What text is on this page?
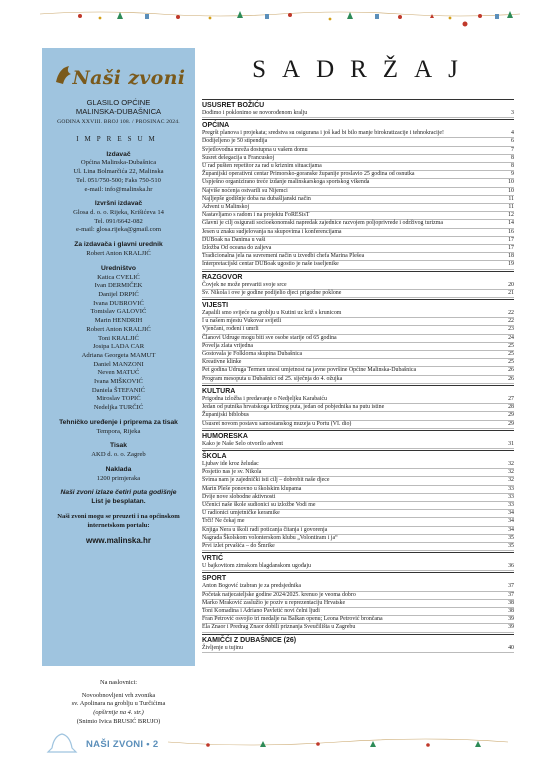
Naši zvoni
GLASILO OPĆINE
MALINSKA-DUBAŠNICA
GODINA XXVIII. BROJ 108. / PROSINAC 2024.
IMPRESUM
Izdavač
Općina Malinska-Dubašnica
Ul. Lina Bolmarčića 22, Malinska
Tel. 051/750-500; Faks 750-510
e-mail: info@malinska.hr
Izvršni izdavač
Glosa d. o. o. Rijeka, Krišićeva 14
Tel. 091/6642-082
e-mail: glosa.rijeka@gmail.com
Za izdavača i glavni urednik
Robert Anton KRALJIĆ
Uredništvo
Katica CVELIĆ
Ivan DERMIČEK
Danijel DRPIĆ
Ivana DUBROVIĆ
Tomislav GALOVIĆ
Marin HENDRIH
Robert Anton KRALJIĆ
Toni KRALJIĆ
Josipa LADA CAR
Adriana Georgeta MAMUT
Daniel MANZONI
Neven MATUĆ
Ivana MIŠKOVIĆ
Daniela ŠTEFANIĆ
Miroslav TOPIĆ
Nedeljka TURČIĆ
Tehničko uređenje i priprema za tisak
Tempora, Rijeka
Tisak
AKD d. o. o. Zagreb
Naklada
1200 primjeraka
Naši zvoni izlaze četiri puta godišnje
List je besplatan.
Naši zvoni mogu se preuzeti i na općinskom internetskom portalu:
www.malinska.hr
Na naslovnici:
Novoobnovljeni vrh zvonika
sv. Apolinara na groblju u Turčićima
(opširnije na 4. str.)
(Snimio Ivica BRUSIĆ BRUJO)
NAŠI ZVONI • 2
SADRŽAJ
USUSRET BOŽIĆU
Dođimo i poklonimo se novorođenom kralju	3
OPĆINA
Pregršt planova i projekata; sredstva su osigurana i još kad bi bilo manje birokratizacije i tehnokracije!	4
Dodijeljeno je 50 stipendija	6
Svjetlovodna mreža dostupna u vašem domu	7
Susret delegacija u Francuskoj	8
U rad pušten repetitor za rad u kriznim situacijama	8
Županijski operativni centar Primorsko-goranske županije proslavio 25 godina od osnutka	9
Uspješno organizirano treće izdanje malinskarskoga sportskog vikenda	10
Najviše noćenja ostvarili su Nijemci	10
Najljepše godišnje doba na dubašljanski način	11
Advent u Malinskoj	11
Nastavljamo s radom i na projektu FoRESisT	12
Glavni je cilj osigurati socioekonomski napredak zajednice razvojem poljoprivrede i održivog turizma	14
Jesen u znaku sudjelovanja na skupovima i konferencijama	16
DUBoak na Danima u vaši	17
Izložba Od oceana do zaljeva	17
Tradicionalna jela na suvremeni način u izvedbi chefa Marina Plešea	18
Interpretacijski centar DUBoak ugostio je naše isseljenike	19
RAZGOVOR
Čovjek ne može prevariti svoje srce	20
Sv. Nikola i ove je godine podijelio djeci prigodne poklone	21
VIJESTI
Zapalili smo svijeće na groblju u Kutini uz križ s krunicom	22
I u našem mjestu Vukovar svijetli	22
Vjenčani, rođeni i umrli	23
Članovi Udruge mogu biti sve osobe starije od 65 godina	24
Povelja zlata vrijedna	25
Gostovala je Folklorna skupina Dubašnica	25
Kreativne klinke	25
Pet godina Udruga Termen unosi umjetnost na javne površine Općine Malinska-Dubašnica	26
Program mesoputa u Dubašnici od 25. siječnja do 4. ožujka	26
KULTURA
Prigodna izložba i predavanje o Nedjeljku Karabaiću	27
Jedan od putnika hrvatskoga križnog puta, jedan od pobjednika na putu istine	28
Županijski biblobus	29
Ususret novom postavu samostanskog muzeja u Portu (VI. dio)	29
HUMORESKA
Kako je Naše Selo otvorilo advent	31
ŠKOLA
Ljubav ide kroz želudac	32
Posjetio nas je sv. Nikola	32
Svima nam je zajednički isti cilj – dobrobit naše djece	32
Marin Pleše ponovno u školskim klupama	33
Dvije nove slobodne aktivnosti	33
Učenici naše škole sudionici su izložbe Vodi me	33
U radionici umjetničke keramike	34
Trči! Ne čekaj me	34
Knjiga Nera u školi radi poticanja čitanja i govorenja	34
Nagrada Školskom volonterskom klubu „Volontiram i ja“	35
Prvi izlet prvašića – do Šmrike	35
VRTIĆ
U bajkovitom zimskom blagdanskom ugođaju	36
SPORT
Anton Bogović izabran je za predsjednika	37
Početak natjecateljske godine 2024/2025. krenuo je veoma dobro	37
Marko Mraković zaslužio je poziv u reprezentaciju Hrvatske	38
Toni Komadina i Adriano Pavletić novi čelni ljudi	38
Fran Petrović osvojio tri medalje na Balkan openu; Leona Petrović brončana	39
Ela Znaor i Predrag Znaor dobili priznanja Sveučilišta u Zagrebu	39
KAMIČĆI Z DUBAŠNICE (26)
Življenje u tujinu	40
